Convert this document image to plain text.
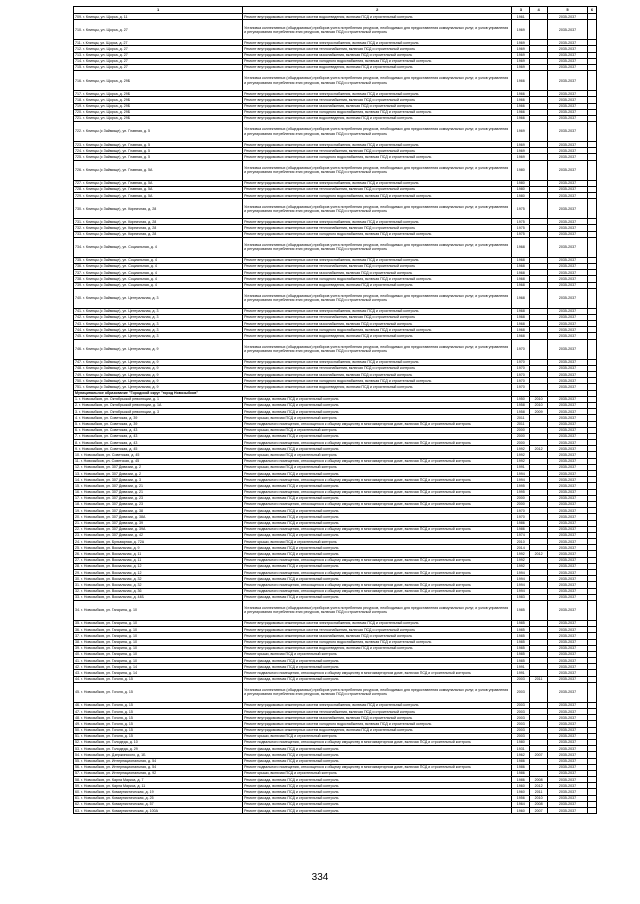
1	2	3	4	5	6
709. г. Клинцы, ул. Щорса, д. 11	Ремонт внутридомовых инженерных систем водоотведения, включая ПСД и строительный контроль	1961		2035-2037	
710. г. Клинцы, ул. Щорса, д. 27	Установка коллективных (общедомовых) приборов учета потребления ресурсов, необходимых для предоставления коммунальных услуг, и узлов управления и регулирования потребления этих ресурсов, включая ПСД и строительный контроль	1969		2035-2037	
711. г. Клинцы, ул. Щорса, д. 27	Ремонт внутридомовых инженерных систем электроснабжения, включая ПСД и строительный контроль	1969		2035-2037	
712. г. Клинцы, ул. Щорса, д. 27	Ремонт внутридомовых инженерных систем теплоснабжения, включая ПСД и строительный контроль	1969		2035-2037	
713. г. Клинцы, ул. Щорса, д. 27	Ремонт внутридомовых инженерных систем газоснабжения, включая ПСД и строительный контроль	1969		2035-2037	
714. г. Клинцы, ул. Щорса, д. 27	Ремонт внутридомовых инженерных систем холодного водоснабжения, включая ПСД и строительный контроль	1969		2035-2037	
715. г. Клинцы, ул. Щорса, д. 27	Ремонт внутридомовых инженерных систем водоотведения, включая ПСД и строительный контроль	1969		2035-2037	
716. г. Клинцы, ул. Щорса, д. 29Б	Установка коллективных (общедомовых) приборов учета потребления ресурсов, необходимых для предоставления коммунальных услуг, и узлов управления и регулирования потребления этих ресурсов, включая ПСД и строительный контроль	1966		2035-2037	
717. г. Клинцы, ул. Щорса, д. 29Б	Ремонт внутридомовых инженерных систем электроснабжения, включая ПСД и строительный контроль	1966		2035-2037	
718. г. Клинцы, ул. Щорса, д. 29Б	Ремонт внутридомовых инженерных систем теплоснабжения, включая ПСД и строительный контроль	1966		2035-2037	
719. г. Клинцы, ул. Щорса, д. 29Б	Ремонт внутридомовых инженерных систем газоснабжения, включая ПСД и строительный контроль	1966		2035-2037	
720. г. Клинцы, ул. Щорса, д. 29Б	Ремонт внутридомовых инженерных систем холодного водоснабжения, включая ПСД и строительный контроль	1966		2035-2037	
721. г. Клинцы, ул. Щорса, д. 29Б	Ремонт внутридомовых инженерных систем водоотведения, включая ПСД и строительный контроль	1966		2035-2037	
722. г. Клинцы (с Займище), ул. Главная, д. 5	Установка коллективных (общедомовых) приборов учета потребления ресурсов, необходимых для предоставления коммунальных услуг, и узлов управления и регулирования потребления этих ресурсов, включая ПСД и строительный контроль	1969		2035-2037	
723. г. Клинцы (с Займище), ул. Главная, д. 5	Ремонт внутридомовых инженерных систем электроснабжения, включая ПСД и строительный контроль	1969		2035-2037	
724. г. Клинцы (с Займище), ул. Главная, д. 5	Ремонт внутридомовых инженерных систем теплоснабжения, включая ПСД и строительный контроль	1969		2035-2037	
725. г. Клинцы (с Займище), ул. Главная, д. 5	Ремонт внутридомовых инженерных систем холодного водоснабжения, включая ПСД и строительный контроль	1969		2035-2037	
726. г. Клинцы (с Займище), ул. Главная, д. 5А	Установка коллективных (общедомовых) приборов учета потребления ресурсов, необходимых для предоставления коммунальных услуг, и узлов управления и регулирования потребления этих ресурсов, включая ПСД и строительный контроль	1980		2035-2037	
727. г. Клинцы (с Займище), ул. Главная, д. 5А	Ремонт внутридомовых инженерных систем электроснабжения, включая ПСД и строительный контроль	1980		2035-2037	
728. г. Клинцы (с Займище), ул. Главная, д. 5А	Ремонт внутридомовых инженерных систем теплоснабжения, включая ПСД и строительный контроль	1980		2035-2037	
729. г. Клинцы (с Займище), ул. Главная, д. 5А	Ремонт внутридомовых инженерных систем холодного водоснабжения, включая ПСД и строительный контроль	1980		2035-2037	
730. г. Клинцы (с Займище), ул. Кирпичная, д. 28	Установка коллективных (общедомовых) приборов учета потребления ресурсов, необходимых для предоставления коммунальных услуг, и узлов управления и регулирования потребления этих ресурсов, включая ПСД и строительный контроль	1975		2035-2037	
731. г. Клинцы (с Займище), ул. Кирпичная, д. 28	Ремонт внутридомовых инженерных систем электроснабжения, включая ПСД и строительный контроль	1975		2035-2037	
732. г. Клинцы (с Займище), ул. Кирпичная, д. 28	Ремонт внутридомовых инженерных систем теплоснабжения, включая ПСД и строительный контроль	1975		2035-2037	
733. г. Клинцы (с Займище), ул. Кирпичная, д. 28	Ремонт внутридомовых инженерных систем холодного водоснабжения, включая ПСД и строительный контроль	1975		2035-2037	
734. г. Клинцы (с Займище), ул. Социальная, д. 4	Установка коллективных (общедомовых) приборов учета потребления ресурсов, необходимых для предоставления коммунальных услуг, и узлов управления и регулирования потребления этих ресурсов, включая ПСД и строительный контроль	1968		2035-2037	
735. г. Клинцы (с Займище), ул. Социальная, д. 4	Ремонт внутридомовых инженерных систем электроснабжения, включая ПСД и строительный контроль	1968		2035-2037	
736. г. Клинцы (с Займище), ул. Социальная, д. 4	Ремонт внутридомовых инженерных систем теплоснабжения, включая ПСД и строительный контроль	1968		2035-2037	
737. г. Клинцы (с Займище), ул. Социальная, д. 4	Ремонт внутридомовых инженерных систем газоснабжения, включая ПСД и строительный контроль	1968		2035-2037	
738. г. Клинцы (с Займище), ул. Социальная, д. 4	Ремонт внутридомовых инженерных систем холодного водоснабжения, включая ПСД и строительный контроль	1968		2035-2037	
739. г. Клинцы (с Займище), ул. Социальная, д. 4	Ремонт внутридомовых инженерных систем водоотведения, включая ПСД и строительный контроль	1968		2035-2037	
740. г. Клинцы (с Займище), ул. Центральная, д. 3	Установка коллективных (общедомовых) приборов учета потребления ресурсов, необходимых для предоставления коммунальных услуг, и узлов управления и регулирования потребления этих ресурсов, включая ПСД и строительный контроль	1968		2035-2037	
741. г. Клинцы (с Займище), ул. Центральная, д. 3	Ремонт внутридомовых инженерных систем электроснабжения, включая ПСД и строительный контроль	1968		2035-2037	
742. г. Клинцы (с Займище), ул. Центральная, д. 3	Ремонт внутридомовых инженерных систем теплоснабжения, включая ПСД и строительный контроль	1968		2035-2037	
743. г. Клинцы (с Займище), ул. Центральная, д. 3	Ремонт внутридомовых инженерных систем газоснабжения, включая ПСД и строительный контроль	1968		2035-2037	
744. г. Клинцы (с Займище), ул. Центральная, д. 3	Ремонт внутридомовых инженерных систем холодного водоснабжения, включая ПСД и строительный контроль	1968		2035-2037	
745. г. Клинцы (с Займище), ул. Центральная, д. 3	Ремонт внутридомовых инженерных систем водоотведения, включая ПСД и строительный контроль	1968		2035-2037	
746. г. Клинцы (с Займище), ул. Центральная, д. 9	Установка коллективных (общедомовых) приборов учета потребления ресурсов, необходимых для предоставления коммунальных услуг, и узлов управления и регулирования потребления этих ресурсов, включая ПСД и строительный контроль	1970		2035-2037	
747. г. Клинцы (с Займище), ул. Центральная, д. 9	Ремонт внутридомовых инженерных систем электроснабжения, включая ПСД и строительный контроль	1970		2035-2037	
748. г. Клинцы (с Займище), ул. Центральная, д. 9	Ремонт внутридомовых инженерных систем теплоснабжения, включая ПСД и строительный контроль	1970		2035-2037	
749. г. Клинцы (с Займище), ул. Центральная, д. 9	Ремонт внутридомовых инженерных систем газоснабжения, включая ПСД и строительный контроль	1970		2035-2037	
750. г. Клинцы (с Займище), ул. Центральная, д. 9	Ремонт внутридомовых инженерных систем холодного водоснабжения, включая ПСД и строительный контроль	1970		2035-2037	
751. г. Клинцы (с Займище), ул. Центральная, д. 9	Ремонт внутридомовых инженерных систем водоотведения, включая ПСД и строительный контроль	1970		2035-2037	
Муниципальное образование "Городской округ "город Новозыбков"					
1. г. Новозыбков, ул. Октябрьской революции, д. 1	Ремонт фасада, включая ПСД и строительный контроль	1950	2010	2035-2037	
2. г. Новозыбков, ул. Октябрьской революции, д. 1А	Ремонт фасада, включая ПСД и строительный контроль	1958	2010	2035-2037	
3. г. Новозыбков, ул. Октябрьской революции, д. 3	Ремонт фасада, включая ПСД и строительный контроль	1958	2009	2035-2037	
4. г. Новозыбков, ул. Советская, д. 39	Ремонт крыши, включая ПСД и строительный контроль	2011		2035-2037	
5. г. Новозыбков, ул. Советская, д. 39	Ремонт подвального помещения, относящегося к общему имуществу в многоквартирном доме, включая ПСД и строительный контроль	2011		2035-2037	
6. г. Новозыбков, ул. Советская, д. 43	Ремонт крыши, включая ПСД и строительный контроль	2000		2035-2037	
7. г. Новозыбков, ул. Советская, д. 43	Ремонт фасада, включая ПСД и строительный контроль	2000		2035-2037	
8. г. Новозыбков, ул. Советская, д. 43	Ремонт подвального помещения, относящегося к общему имуществу в многоквартирном доме, включая ПСД и строительный контроль	2000		2035-2037	
9. г. Новозыбков, ул. Советская, д. 45	Ремонт фасада, включая ПСД и строительный контроль	1992	2012	2035-2037	
10. г. Новозыбков, ул. Советская, д. 45	Ремонт крыши, включая ПСД и строительный контроль	1992		2035-2037	
11. г. Новозыбков, ул. Советская, д. 45	Ремонт подвального помещения, относящегося к общему имуществу в многоквартирном доме, включая ПСД и строительный контроль	1992		2035-2037	
12. г. Новозыбков, ул. 307 Дивизии, д. 2	Ремонт крыши, включая ПСД и строительный контроль	1991		2035-2037	
13. г. Новозыбков, ул. 307 Дивизии, д. 2	Ремонт фасада, включая ПСД и строительный контроль	1994		2035-2037	
14. г. Новозыбков, ул. 307 Дивизии, д. 3	Ремонт подвального помещения, относящегося к общему имуществу в многоквартирном доме, включая ПСД и строительный контроль	1994		2035-2037	
15. г. Новозыбков, ул. 307 Дивизии, д. 21	Ремонт фасада, включая ПСД и строительный контроль	1995		2035-2037	
16. г. Новозыбков, ул. 307 Дивизии, д. 21	Ремонт подвального помещения, относящегося к общему имуществу в многоквартирном доме, включая ПСД и строительный контроль	1995		2035-2037	
17. г. Новозыбков, ул. 307 Дивизии, д. 23	Ремонт фасада, включая ПСД и строительный контроль	2000		2035-2037	
18. г. Новозыбков, ул. 307 Дивизии, д. 23	Ремонт подвального помещения, относящегося к общему имуществу в многоквартирном доме, включая ПСД и строительный контроль	2000		2035-2037	
19. г. Новозыбков, ул. 307 Дивизии, д. 38	Ремонт фасада, включая ПСД и строительный контроль	1970		2035-2037	
20. г. Новозыбков, ул. 307 Дивизии, д. 38А	Ремонт фасада, включая ПСД и строительный контроль	1970		2035-2037	
21. г. Новозыбков, ул. 307 Дивизии, д. 39	Ремонт фасада, включая ПСД и строительный контроль	1986		2035-2037	
22. г. Новозыбков, ул. 307 Дивизии, д. 39А	Ремонт подвального помещения, относящегося к общему имуществу в многоквартирном доме, включая ПСД и строительный контроль	1986		2035-2037	
23. г. Новозыбков, ул. 307 Дивизии, д. 42	Ремонт фасада, включая ПСД и строительный контроль	1974		2035-2037	
24. г. Новозыбков, ул. Бульварная, д. 72А	Ремонт крыши, включая ПСД и строительный контроль	2010		2035-2037	
25. г. Новозыбков, ул. Вокзальная, д. 9	Ремонт фасада, включая ПСД и строительный контроль	2014		2035-2037	
26. г. Новозыбков, ул. Вокзальная, д. 11	Ремонт фасада, включая ПСД и строительный контроль	1992	2012	2035-2037	
27. г. Новозыбков, ул. Вокзальная, д. 11	Ремонт подвального помещения, относящегося к общему имуществу в многоквартирном доме, включая ПСД и строительный контроль	1992		2035-2037	
28. г. Новозыбков, ул. Вокзальная, д. 12	Ремонт фасада, включая ПСД и строительный контроль	1992		2035-2037	
29. г. Новозыбков, ул. Вокзальная, д. 12	Ремонт подвального помещения, относящегося к общему имуществу в многоквартирном доме, включая ПСД и строительный контроль	1994		2035-2037	
30. г. Новозыбков, ул. Вокзальная, д. 32	Ремонт фасада, включая ПСД и строительный контроль	1994		2035-2037	
31. г. Новозыбков, ул. Вокзальная, д. 32	Ремонт подвального помещения, относящегося к общему имуществу в многоквартирном доме, включая ПСД и строительный контроль	1994		2035-2037	
32. г. Новозыбков, ул. Вокзальная, д. 36	Ремонт подвального помещения, относящегося к общему имуществу в многоквартирном доме, включая ПСД и строительный контроль	1994		2035-2037	
33. г. Новозыбков, ул. Вокзальная, д. 44Б	Ремонт фасада, включая ПСД и строительный контроль	1983		2035-2037	
34. г. Новозыбков, ул. Гагарина, д. 10	Установка коллективных (общедомовых) приборов учета потребления ресурсов, необходимых для предоставления коммунальных услуг, и узлов управления и регулирования потребления этих ресурсов, включая ПСД и строительный контроль	1985		2035-2037	
35. г. Новозыбков, ул. Гагарина, д. 10	Ремонт внутридомовых инженерных систем электроснабжения, включая ПСД и строительный контроль	1985		2035-2037	
36. г. Новозыбков, ул. Гагарина, д. 10	Ремонт внутридомовых инженерных систем теплоснабжения, включая ПСД и строительный контроль	1985		2035-2037	
37. г. Новозыбков, ул. Гагарина, д. 10	Ремонт внутридомовых инженерных систем газоснабжения, включая ПСД и строительный контроль	1985		2035-2037	
38. г. Новозыбков, ул. Гагарина, д. 10	Ремонт внутридомовых инженерных систем холодного водоснабжения, включая ПСД и строительный контроль	1985		2035-2037	
39. г. Новозыбков, ул. Гагарина, д. 10	Ремонт внутридомовых инженерных систем водоотведения, включая ПСД и строительный контроль	1985		2035-2037	
40. г. Новозыбков, ул. Гагарина, д. 10	Ремонт крыши, включая ПСД и строительный контроль	1985		2035-2037	
41. г. Новозыбков, ул. Гагарина, д. 10	Ремонт фасада, включая ПСД и строительный контроль	1985		2035-2037	
42. г. Новозыбков, ул. Гагарина, д. 14	Ремонт фасада, включая ПСД и строительный контроль	1991		2035-2037	
43. г. Новозыбков, ул. Гагарина, д. 14	Ремонт подвального помещения, относящегося к общему имуществу в многоквартирном доме, включая ПСД и строительный контроль	1991		2035-2037	
44. г. Новозыбков, ул. Гоголя, д. 15	Ремонт фасада, включая ПСД и строительный контроль	2003	2011	2035-2037	
45. г. Новозыбков, ул. Гоголя, д. 15	Установка коллективных (общедомовых) приборов учета потребления ресурсов, необходимых для предоставления коммунальных услуг, и узлов управления и регулирования потребления этих ресурсов, включая ПСД и строительный контроль	2003		2035-2037	
46. г. Новозыбков, ул. Гоголя, д. 15	Ремонт внутридомовых инженерных систем электроснабжения, включая ПСД и строительный контроль	2003		2035-2037	
47. г. Новозыбков, ул. Гоголя, д. 15	Ремонт внутридомовых инженерных систем теплоснабжения, включая ПСД и строительный контроль	2003		2035-2037	
48. г. Новозыбков, ул. Гоголя, д. 15	Ремонт внутридомовых инженерных систем газоснабжения, включая ПСД и строительный контроль	2003		2035-2037	
49. г. Новозыбков, ул. Гоголя, д. 15	Ремонт внутридомовых инженерных систем холодного водоснабжения, включая ПСД и строительный контроль	2003		2035-2037	
50. г. Новозыбков, ул. Гоголя, д. 15	Ремонт внутридомовых инженерных систем водоотведения, включая ПСД и строительный контроль	2003		2035-2037	
51. г. Новозыбков, ул. Гоголя, д. 15	Ремонт крыши, включая ПСД и строительный контроль	2003		2035-2037	
52. г. Новозыбков, ул. Голодеда, д. 10	Ремонт подвального помещения, относящегося к общему имуществу в многоквартирном доме, включая ПСД и строительный контроль	1980		2035-2037	
53. г. Новозыбков, ул. Голодеда, д. 29	Ремонт фасада, включая ПСД и строительный контроль	1931		2035-2037	
54. г. Новозыбков, ул. Дзержинского, д. 1Б	Ремонт фасада, включая ПСД и строительный контроль	1962	2007	2035-2037	
55. г. Новозыбков, ул. Интернациональная, д. 54	Ремонт фасада, включая ПСД и строительный контроль	1986		2035-2037	
56. г. Новозыбков, ул. Интернациональная, д. 54	Ремонт подвального помещения, относящегося к общему имуществу в многоквартирном доме, включая ПСД и строительный контроль	1986		2035-2037	
57. г. Новозыбков, ул. Интернациональная, д. 92	Ремонт крыши, включая ПСД и строительный контроль	1986		2035-2037	
58. г. Новозыбков, ул. Карла Маркса, д. 7	Ремонт фасада, включая ПСД и строительный контроль	1986	2008	2035-2037	
59. г. Новозыбков, ул. Карла Маркса, д. 11	Ремонт фасада, включая ПСД и строительный контроль	1960	2012	2035-2037	
60. г. Новозыбков, ул. Коммунистическая, д. 19	Ремонт фасада, включая ПСД и строительный контроль	1960	2011	2035-2037	
61. г. Новозыбков, ул. Коммунистическая, д. 25	Ремонт фасада, включая ПСД и строительный контроль	1956	2010	2035-2037	
62. г. Новозыбков, ул. Коммунистическая, д. 57	Ремонт фасада, включая ПСД и строительный контроль	1964	2008	2035-2037	
63. г. Новозыбков, ул. Коммунистическая, д. 100А	Ремонт фасада, включая ПСД и строительный контроль	1960	2007	2035-2037	
334
